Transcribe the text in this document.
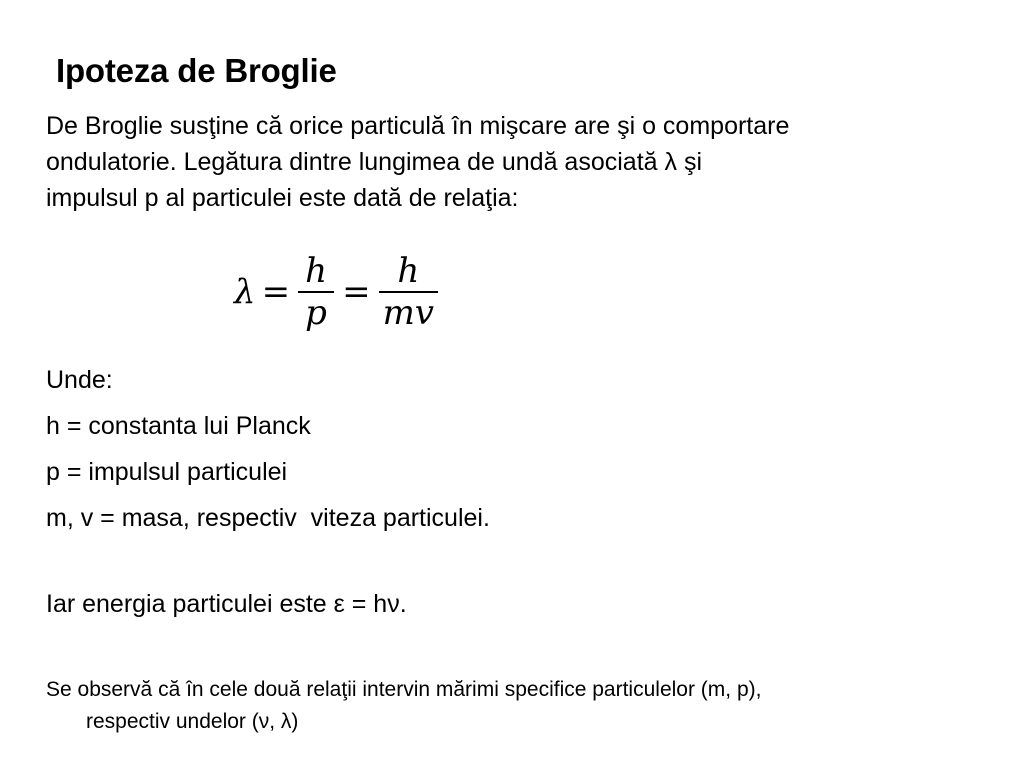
Ipoteza de Broglie
De Broglie susţine că orice particulă în mişcare are şi o comportare
ondulatorie. Legătura dintre lungimea de undă asociată λ şi
impulsul p al particulei este dată de relaţia:
$\lambda = \frac{h}{p} = \frac{h}{mv}$
Unde:
h = constanta lui Planck
p = impulsul particulei
m, v = masa, respectiv  viteza particulei.
Iar energia particulei este ε = hν.
Se observă că în cele două relaţii intervin mărimi specifice particulelor (m, p),
respectiv undelor (ν, λ)
